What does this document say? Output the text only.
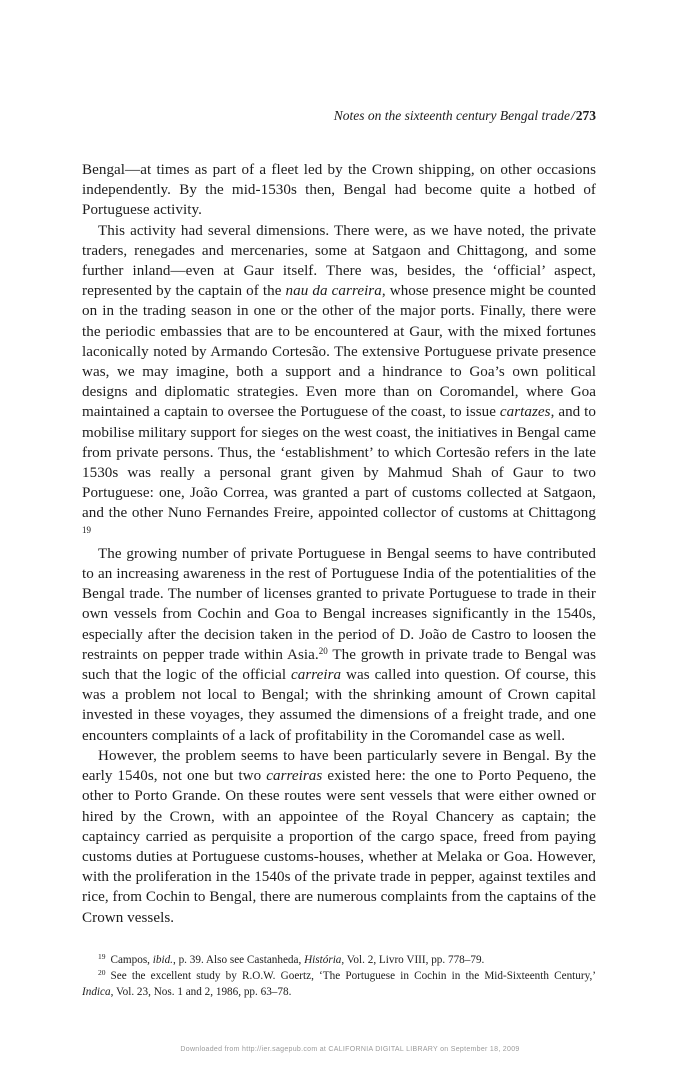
Notes on the sixteenth century Bengal trade/273

Bengal—at times as part of a fleet led by the Crown shipping, on other occasions independently. By the mid-1530s then, Bengal had become quite a hotbed of Portuguese activity.

This activity had several dimensions. There were, as we have noted, the private traders, renegades and mercenaries, some at Satgaon and Chittagong, and some further inland—even at Gaur itself. There was, besides, the ‘official’ aspect, represented by the captain of the nau da carreira, whose presence might be counted on in the trading season in one or the other of the major ports. Finally, there were the periodic embassies that are to be encountered at Gaur, with the mixed fortunes laconically noted by Armando Cortesão. The extensive Portuguese private presence was, we may imagine, both a support and a hindrance to Goa’s own political designs and diplomatic strategies. Even more than on Coromandel, where Goa maintained a captain to oversee the Portuguese of the coast, to issue cartazes, and to mobilise military support for sieges on the west coast, the initiatives in Bengal came from private persons. Thus, the ‘establishment’ to which Cortesão refers in the late 1530s was really a personal grant given by Mahmud Shah of Gaur to two Portuguese: one, João Correa, was granted a part of customs collected at Satgaon, and the other Nuno Fernandes Freire, appointed collector of customs at Chittagong $^{19}$

The growing number of private Portuguese in Bengal seems to have contributed to an increasing awareness in the rest of Portuguese India of the potentialities of the Bengal trade. The number of licenses granted to private Portuguese to trade in their own vessels from Cochin and Goa to Bengal increases significantly in the 1540s, especially after the decision taken in the period of D. João de Castro to loosen the restraints on pepper trade within Asia.$^{20}$ The growth in private trade to Bengal was such that the logic of the official carreira was called into question. Of course, this was a problem not local to Bengal; with the shrinking amount of Crown capital invested in these voyages, they assumed the dimensions of a freight trade, and one encounters complaints of a lack of profitability in the Coromandel case as well.

However, the problem seems to have been particularly severe in Bengal. By the early 1540s, not one but two carreiras existed here: the one to Porto Pequeno, the other to Porto Grande. On these routes were sent vessels that were either owned or hired by the Crown, with an appointee of the Royal Chancery as captain; the captaincy carried as perquisite a proportion of the cargo space, freed from paying customs duties at Portuguese customs-houses, whether at Melaka or Goa. However, with the proliferation in the 1540s of the private trade in pepper, against textiles and rice, from Cochin to Bengal, there are numerous complaints from the captains of the Crown vessels.

$^{19}$ Campos, ibid., p. 39. Also see Castanheda, História, Vol. 2, Livro VIII, pp. 778–79.

$^{20}$ See the excellent study by R.O.W. Goertz, ‘The Portuguese in Cochin in the Mid-Sixteenth Century,’ Indica, Vol. 23, Nos. 1 and 2, 1986, pp. 63–78.

Downloaded from http://ier.sagepub.com at CALIFORNIA DIGITAL LIBRARY on September 18, 2009
